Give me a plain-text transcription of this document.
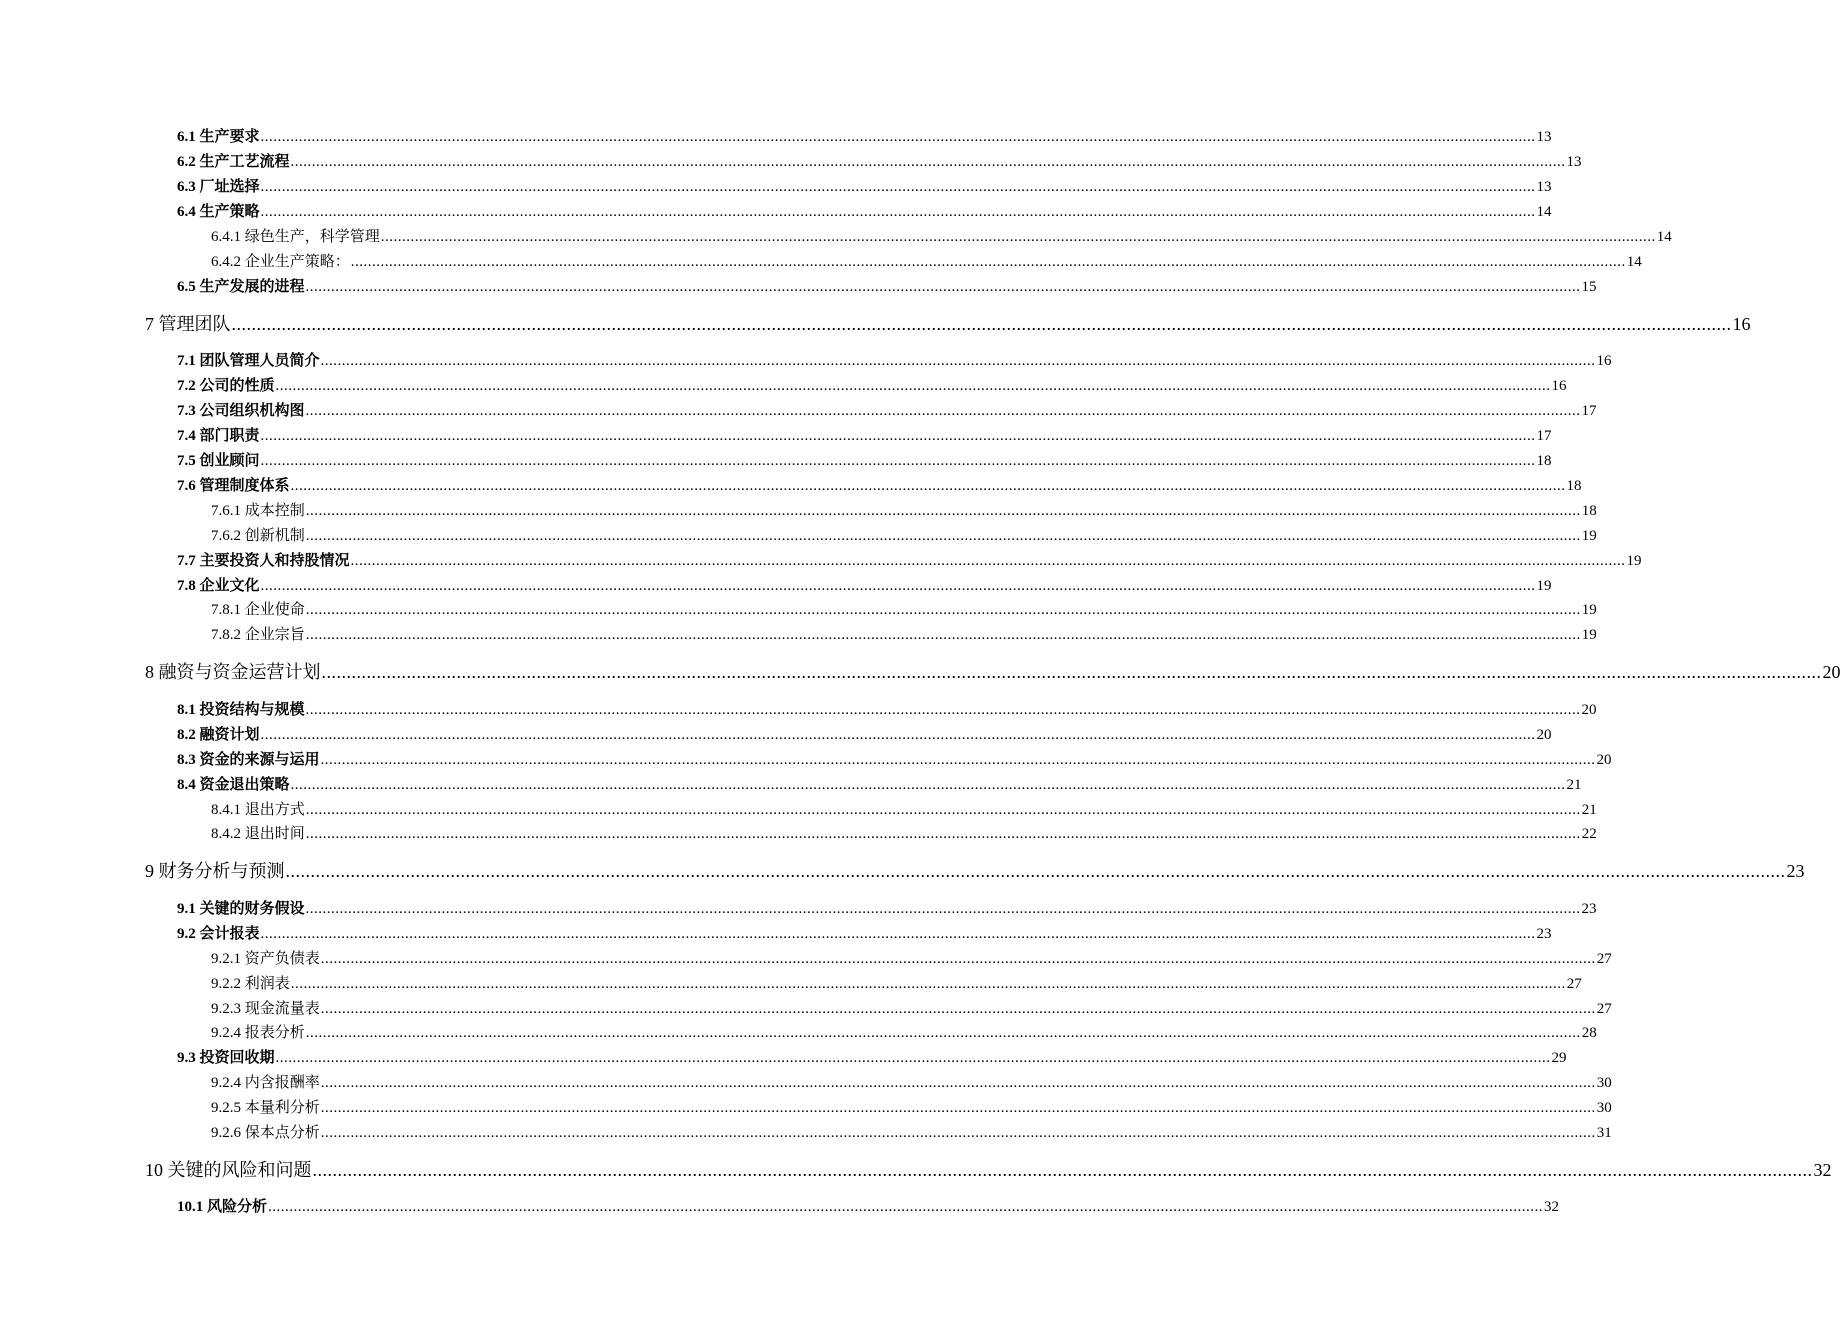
6.1 生产要求 ............................................................................................................................................................................................................................................................................................................ 13
6.2 生产工艺流程 ............................................................................................................................................................................................................................................................................................................ 13
6.3 厂址选择 ............................................................................................................................................................................................................................................................................................................ 13
6.4 生产策略 ............................................................................................................................................................................................................................................................................................................ 14
6.4.1 绿色生产，科学管理 ............................................................................................................................................................................................................................................................................................................ 14
6.4.2 企业生产策略： ............................................................................................................................................................................................................................................................................................................ 14
6.5 生产发展的进程 ............................................................................................................................................................................................................................................................................................................ 15
7 管理团队 ............................................................................................................................................................................................................................................................................................................ 16
7.1 团队管理人员简介 ............................................................................................................................................................................................................................................................................................................ 16
7.2 公司的性质 ............................................................................................................................................................................................................................................................................................................ 16
7.3 公司组织机构图 ............................................................................................................................................................................................................................................................................................................ 17
7.4 部门职责 ............................................................................................................................................................................................................................................................................................................ 17
7.5 创业顾问 ............................................................................................................................................................................................................................................................................................................ 18
7.6 管理制度体系 ............................................................................................................................................................................................................................................................................................................ 18
7.6.1 成本控制 ............................................................................................................................................................................................................................................................................................................ 18
7.6.2 创新机制 ............................................................................................................................................................................................................................................................................................................ 19
7.7 主要投资人和持股情况 ............................................................................................................................................................................................................................................................................................................ 19
7.8 企业文化 ............................................................................................................................................................................................................................................................................................................ 19
7.8.1 企业使命 ............................................................................................................................................................................................................................................................................................................ 19
7.8.2 企业宗旨 ............................................................................................................................................................................................................................................................................................................ 19
8 融资与资金运营计划 ............................................................................................................................................................................................................................................................................................................ 20
8.1 投资结构与规模 ............................................................................................................................................................................................................................................................................................................ 20
8.2 融资计划 ............................................................................................................................................................................................................................................................................................................ 20
8.3 资金的来源与运用 ............................................................................................................................................................................................................................................................................................................ 20
8.4 资金退出策略 ............................................................................................................................................................................................................................................................................................................ 21
8.4.1 退出方式 ............................................................................................................................................................................................................................................................................................................ 21
8.4.2 退出时间 ............................................................................................................................................................................................................................................................................................................ 22
9 财务分析与预测 ............................................................................................................................................................................................................................................................................................................ 23
9.1 关键的财务假设 ............................................................................................................................................................................................................................................................................................................ 23
9.2 会计报表 ............................................................................................................................................................................................................................................................................................................ 23
9.2.1 资产负债表 ............................................................................................................................................................................................................................................................................................................ 27
9.2.2 利润表 ............................................................................................................................................................................................................................................................................................................ 27
9.2.3 现金流量表 ............................................................................................................................................................................................................................................................................................................ 27
9.2.4 报表分析 ............................................................................................................................................................................................................................................................................................................ 28
9.3 投资回收期 ............................................................................................................................................................................................................................................................................................................ 29
9.2.4 内含报酬率 ............................................................................................................................................................................................................................................................................................................ 30
9.2.5 本量利分析 ............................................................................................................................................................................................................................................................................................................ 30
9.2.6 保本点分析 ............................................................................................................................................................................................................................................................................................................ 31
10 关键的风险和问题 ............................................................................................................................................................................................................................................................................................................ 32
10.1 风险分析 ............................................................................................................................................................................................................................................................................................................ 32
